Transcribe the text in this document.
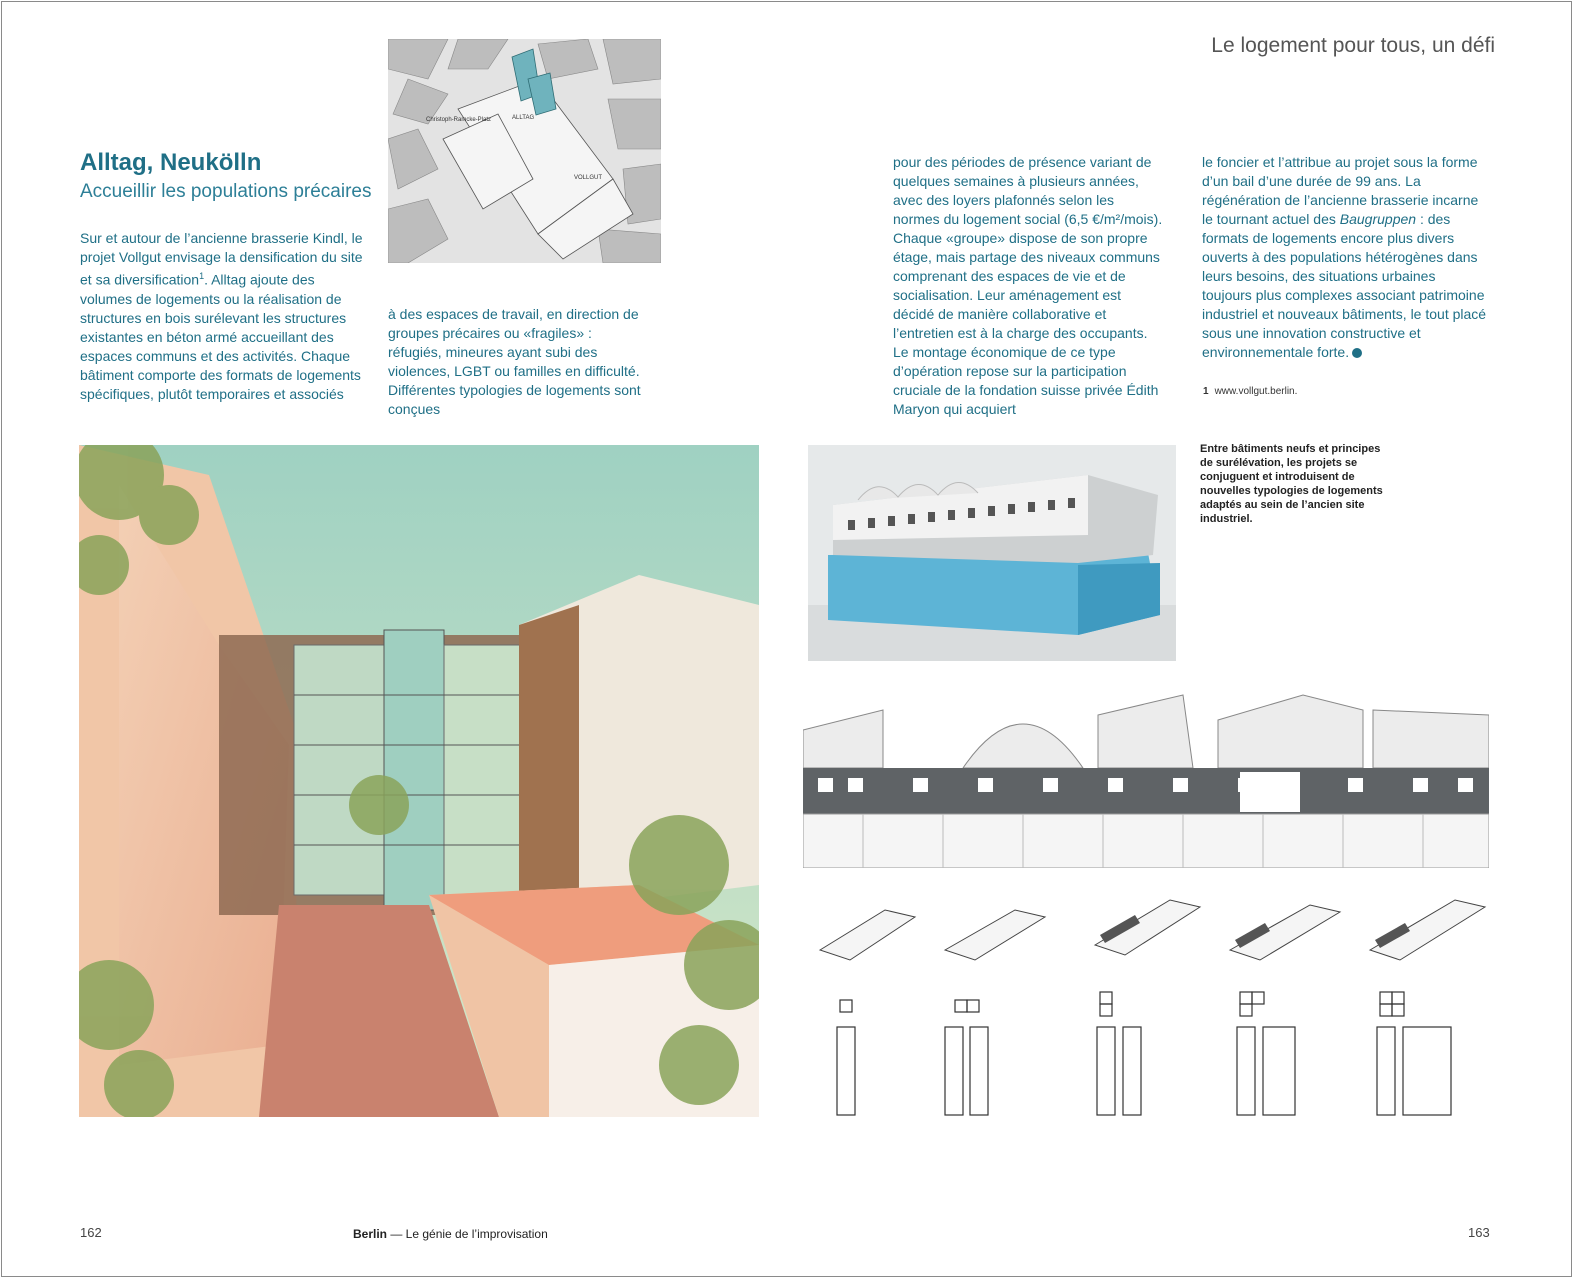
Le logement pour tous, un défi
Christoph-Ramcke-Platz	ALLTAG
VOLLGUT
Alltag, Neukölln
Accueillir les populations précaires
Sur et autour de l’ancienne brasserie Kindl, le projet Vollgut envisage la densification du site et sa diversification$^1$. Alltag ajoute des volumes de logements ou la réalisation de structures en bois surélevant les structures existantes en béton armé accueillant des espaces communs et des activités. Chaque bâtiment comporte des formats de logements spécifiques, plutôt temporaires et associés
à des espaces de travail, en direction de groupes précaires ou «fragiles» : réfugiés, mineures ayant subi des violences, LGBT ou familles en difficulté. Différentes typologies de logements sont conçues
pour des périodes de présence variant de quelques semaines à plusieurs années, avec des loyers plafonnés selon les normes du logement social (6,5 €/m²/mois). Chaque «groupe» dispose de son propre étage, mais partage des niveaux communs comprenant des espaces de vie et de socialisation. Leur aménagement est décidé de manière collaborative et l’entretien est à la charge des occupants. Le montage économique de ce type d’opération repose sur la participation cruciale de la fondation suisse privée Édith Maryon qui acquiert
le foncier et l’attribue au projet sous la forme d’un bail d’une durée de 99 ans. La régénération de l’ancienne brasserie incarne le tournant actuel des Baugruppen : des formats de logements encore plus divers ouverts à des populations hétérogènes dans leurs besoins, des situations urbaines toujours plus complexes associant patrimoine industriel et nouveaux bâtiments, le tout placé sous une innovation constructive et environnementale forte.
1 www.vollgut.berlin.
Entre bâtiments neufs et principes de surélévation, les projets se conjuguent et introduisent de nouvelles typologies de logements adaptés au sein de l’ancien site industriel.
162	Berlin — Le génie de l’improvisation	163
